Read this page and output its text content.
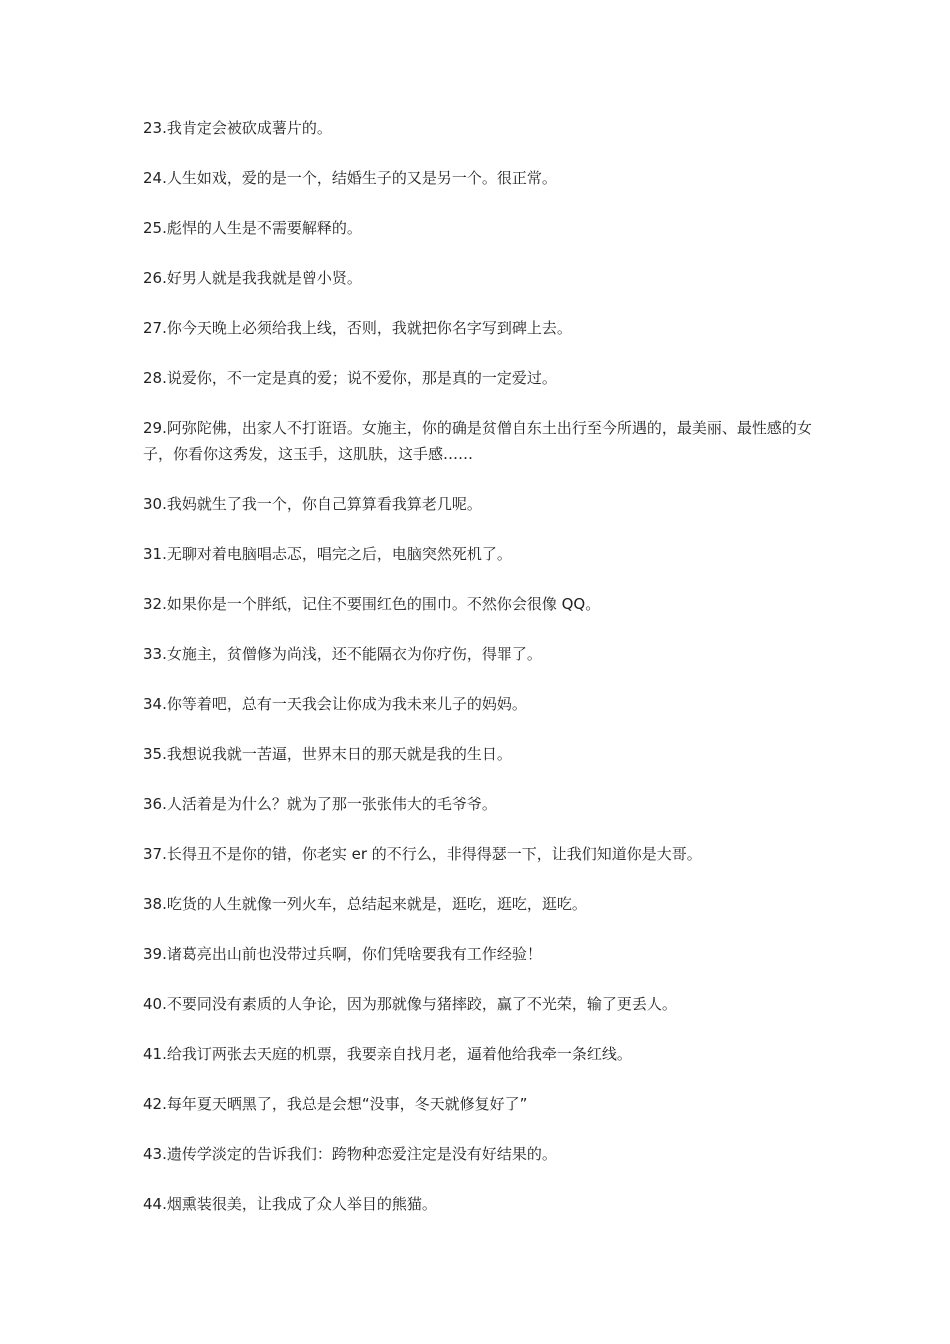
23.我肯定会被砍成薯片的。
24.人生如戏，爱的是一个，结婚生子的又是另一个。很正常。
25.彪悍的人生是不需要解释的。
26.好男人就是我我就是曾小贤。
27.你今天晚上必须给我上线，否则，我就把你名字写到碑上去。
28.说爱你，不一定是真的爱；说不爱你，那是真的一定爱过。
29.阿弥陀佛，出家人不打诳语。女施主，你的确是贫僧自东土出行至今所遇的，最美丽、最性感的女子，你看你这秀发，这玉手，这肌肤，这手感……
30.我妈就生了我一个，你自己算算看我算老几呢。
31.无聊对着电脑唱忐忑，唱完之后，电脑突然死机了。
32.如果你是一个胖纸，记住不要围红色的围巾。不然你会很像 QQ。
33.女施主，贫僧修为尚浅，还不能隔衣为你疗伤，得罪了。
34.你等着吧，总有一天我会让你成为我未来儿子的妈妈。
35.我想说我就一苦逼，世界末日的那天就是我的生日。
36.人活着是为什么？就为了那一张张伟大的毛爷爷。
37.长得丑不是你的错，你老实 er 的不行么，非得得瑟一下，让我们知道你是大哥。
38.吃货的人生就像一列火车，总结起来就是，逛吃，逛吃，逛吃。
39.诸葛亮出山前也没带过兵啊，你们凭啥要我有工作经验！
40.不要同没有素质的人争论，因为那就像与猪摔跤，赢了不光荣，输了更丢人。
41.给我订两张去天庭的机票，我要亲自找月老，逼着他给我牵一条红线。
42.每年夏天晒黑了，我总是会想“没事，冬天就修复好了”
43.遗传学淡定的告诉我们：跨物种恋爱注定是没有好结果的。
44.烟熏装很美，让我成了众人举目的熊猫。
